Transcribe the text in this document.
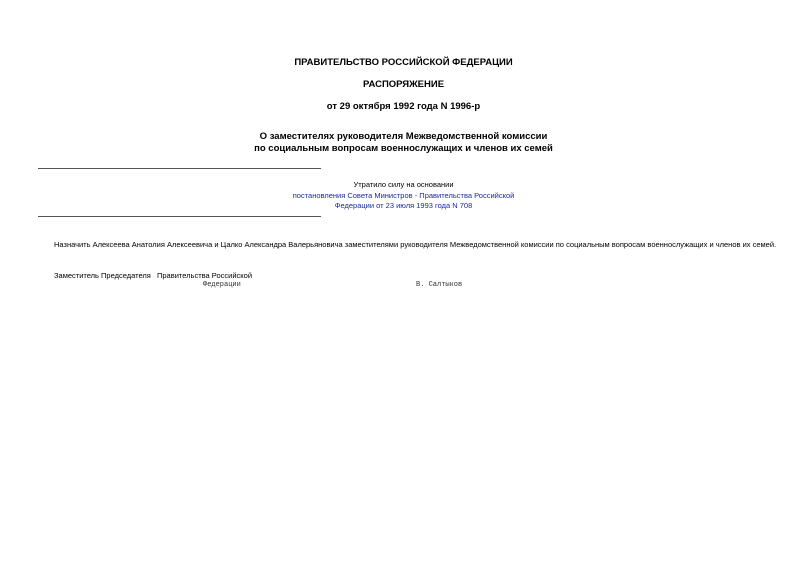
ПРАВИТЕЛЬСТВО РОССИЙСКОЙ ФЕДЕРАЦИИ
РАСПОРЯЖЕНИЕ
от 29 октября 1992 года N 1996-р
О заместителях руководителя Межведомственной комиссии
по социальным вопросам военнослужащих и членов их семей
Утратило силу на основании
постановления Совета Министров - Правительства Российской
Федерации от 23 июля 1993 года N 708
Назначить Алексеева Анатолия Алексеевича и Цалко Александра Валерьяновича заместителями руководителя Межведомственной комиссии по социальным вопросам военнослужащих и членов их семей.
Заместитель Председателя Правительства Российской
Федерации	В. Салтыков
